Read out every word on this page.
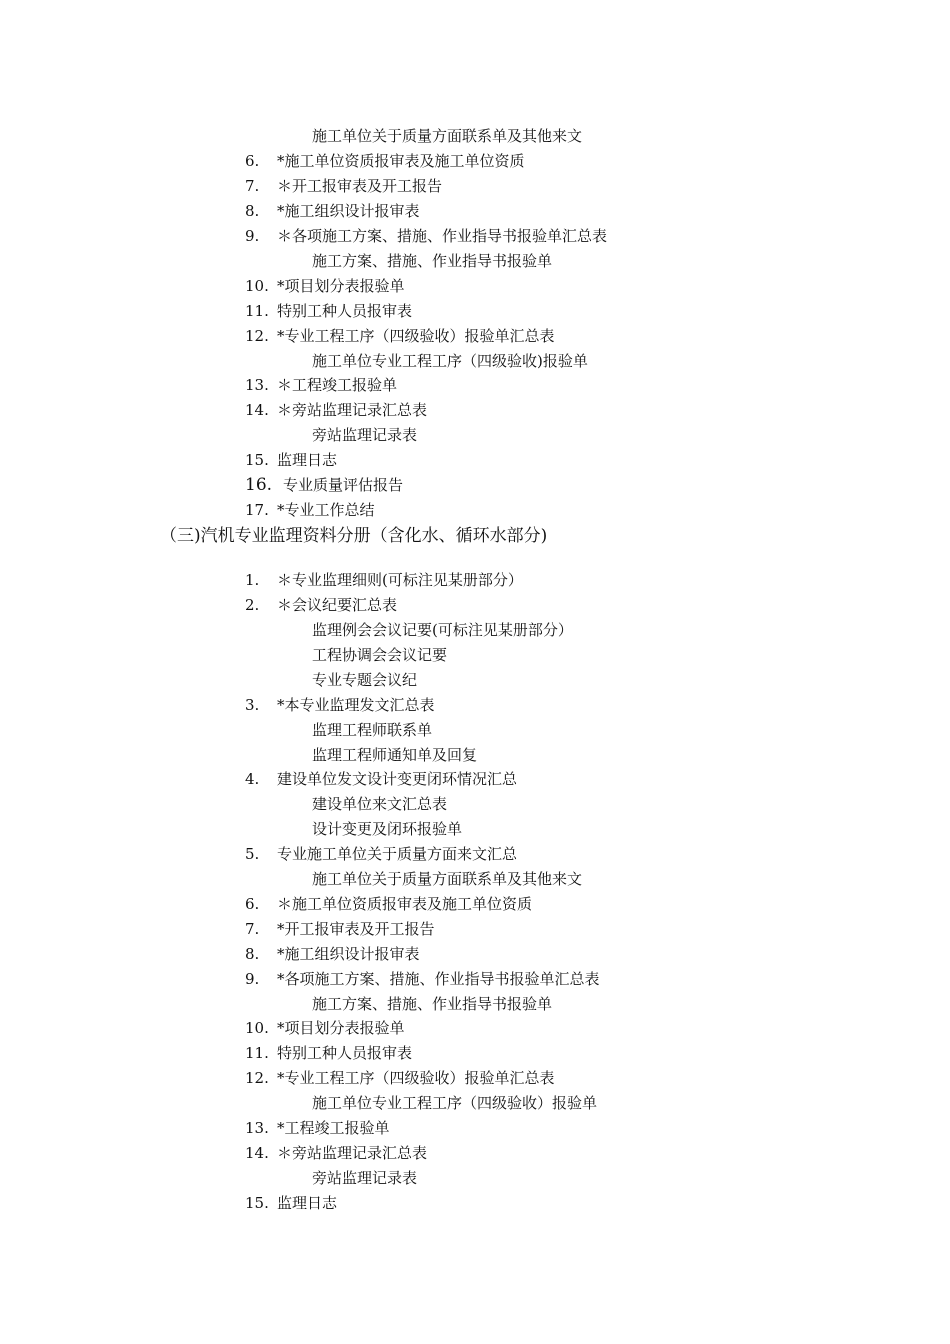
施工单位关于质量方面联系单及其他来文
6. *施工单位资质报审表及施工单位资质
7. ＊开工报审表及开工报告
8. *施工组织设计报审表
9. ＊各项施工方案、措施、作业指导书报验单汇总表
施工方案、措施、作业指导书报验单
10. *项目划分表报验单
11. 特别工种人员报审表
12. *专业工程工序（四级验收）报验单汇总表
施工单位专业工程工序（四级验收)报验单
13. ＊工程竣工报验单
14. ＊旁站监理记录汇总表
旁站监理记录表
15. 监理日志
16. 专业质量评估报告
17. *专业工作总结
（三)汽机专业监理资料分册（含化水、循环水部分)
1. ＊专业监理细则(可标注见某册部分）
2. ＊会议纪要汇总表
监理例会会议记要(可标注见某册部分）
工程协调会会议记要
专业专题会议纪
3. *本专业监理发文汇总表
监理工程师联系单
监理工程师通知单及回复
4. 建设单位发文设计变更闭环情况汇总
建设单位来文汇总表
设计变更及闭环报验单
5. 专业施工单位关于质量方面来文汇总
施工单位关于质量方面联系单及其他来文
6. ＊施工单位资质报审表及施工单位资质
7. *开工报审表及开工报告
8. *施工组织设计报审表
9. *各项施工方案、措施、作业指导书报验单汇总表
施工方案、措施、作业指导书报验单
10. *项目划分表报验单
11. 特别工种人员报审表
12. *专业工程工序（四级验收）报验单汇总表
施工单位专业工程工序（四级验收）报验单
13. *工程竣工报验单
14. ＊旁站监理记录汇总表
旁站监理记录表
15. 监理日志
